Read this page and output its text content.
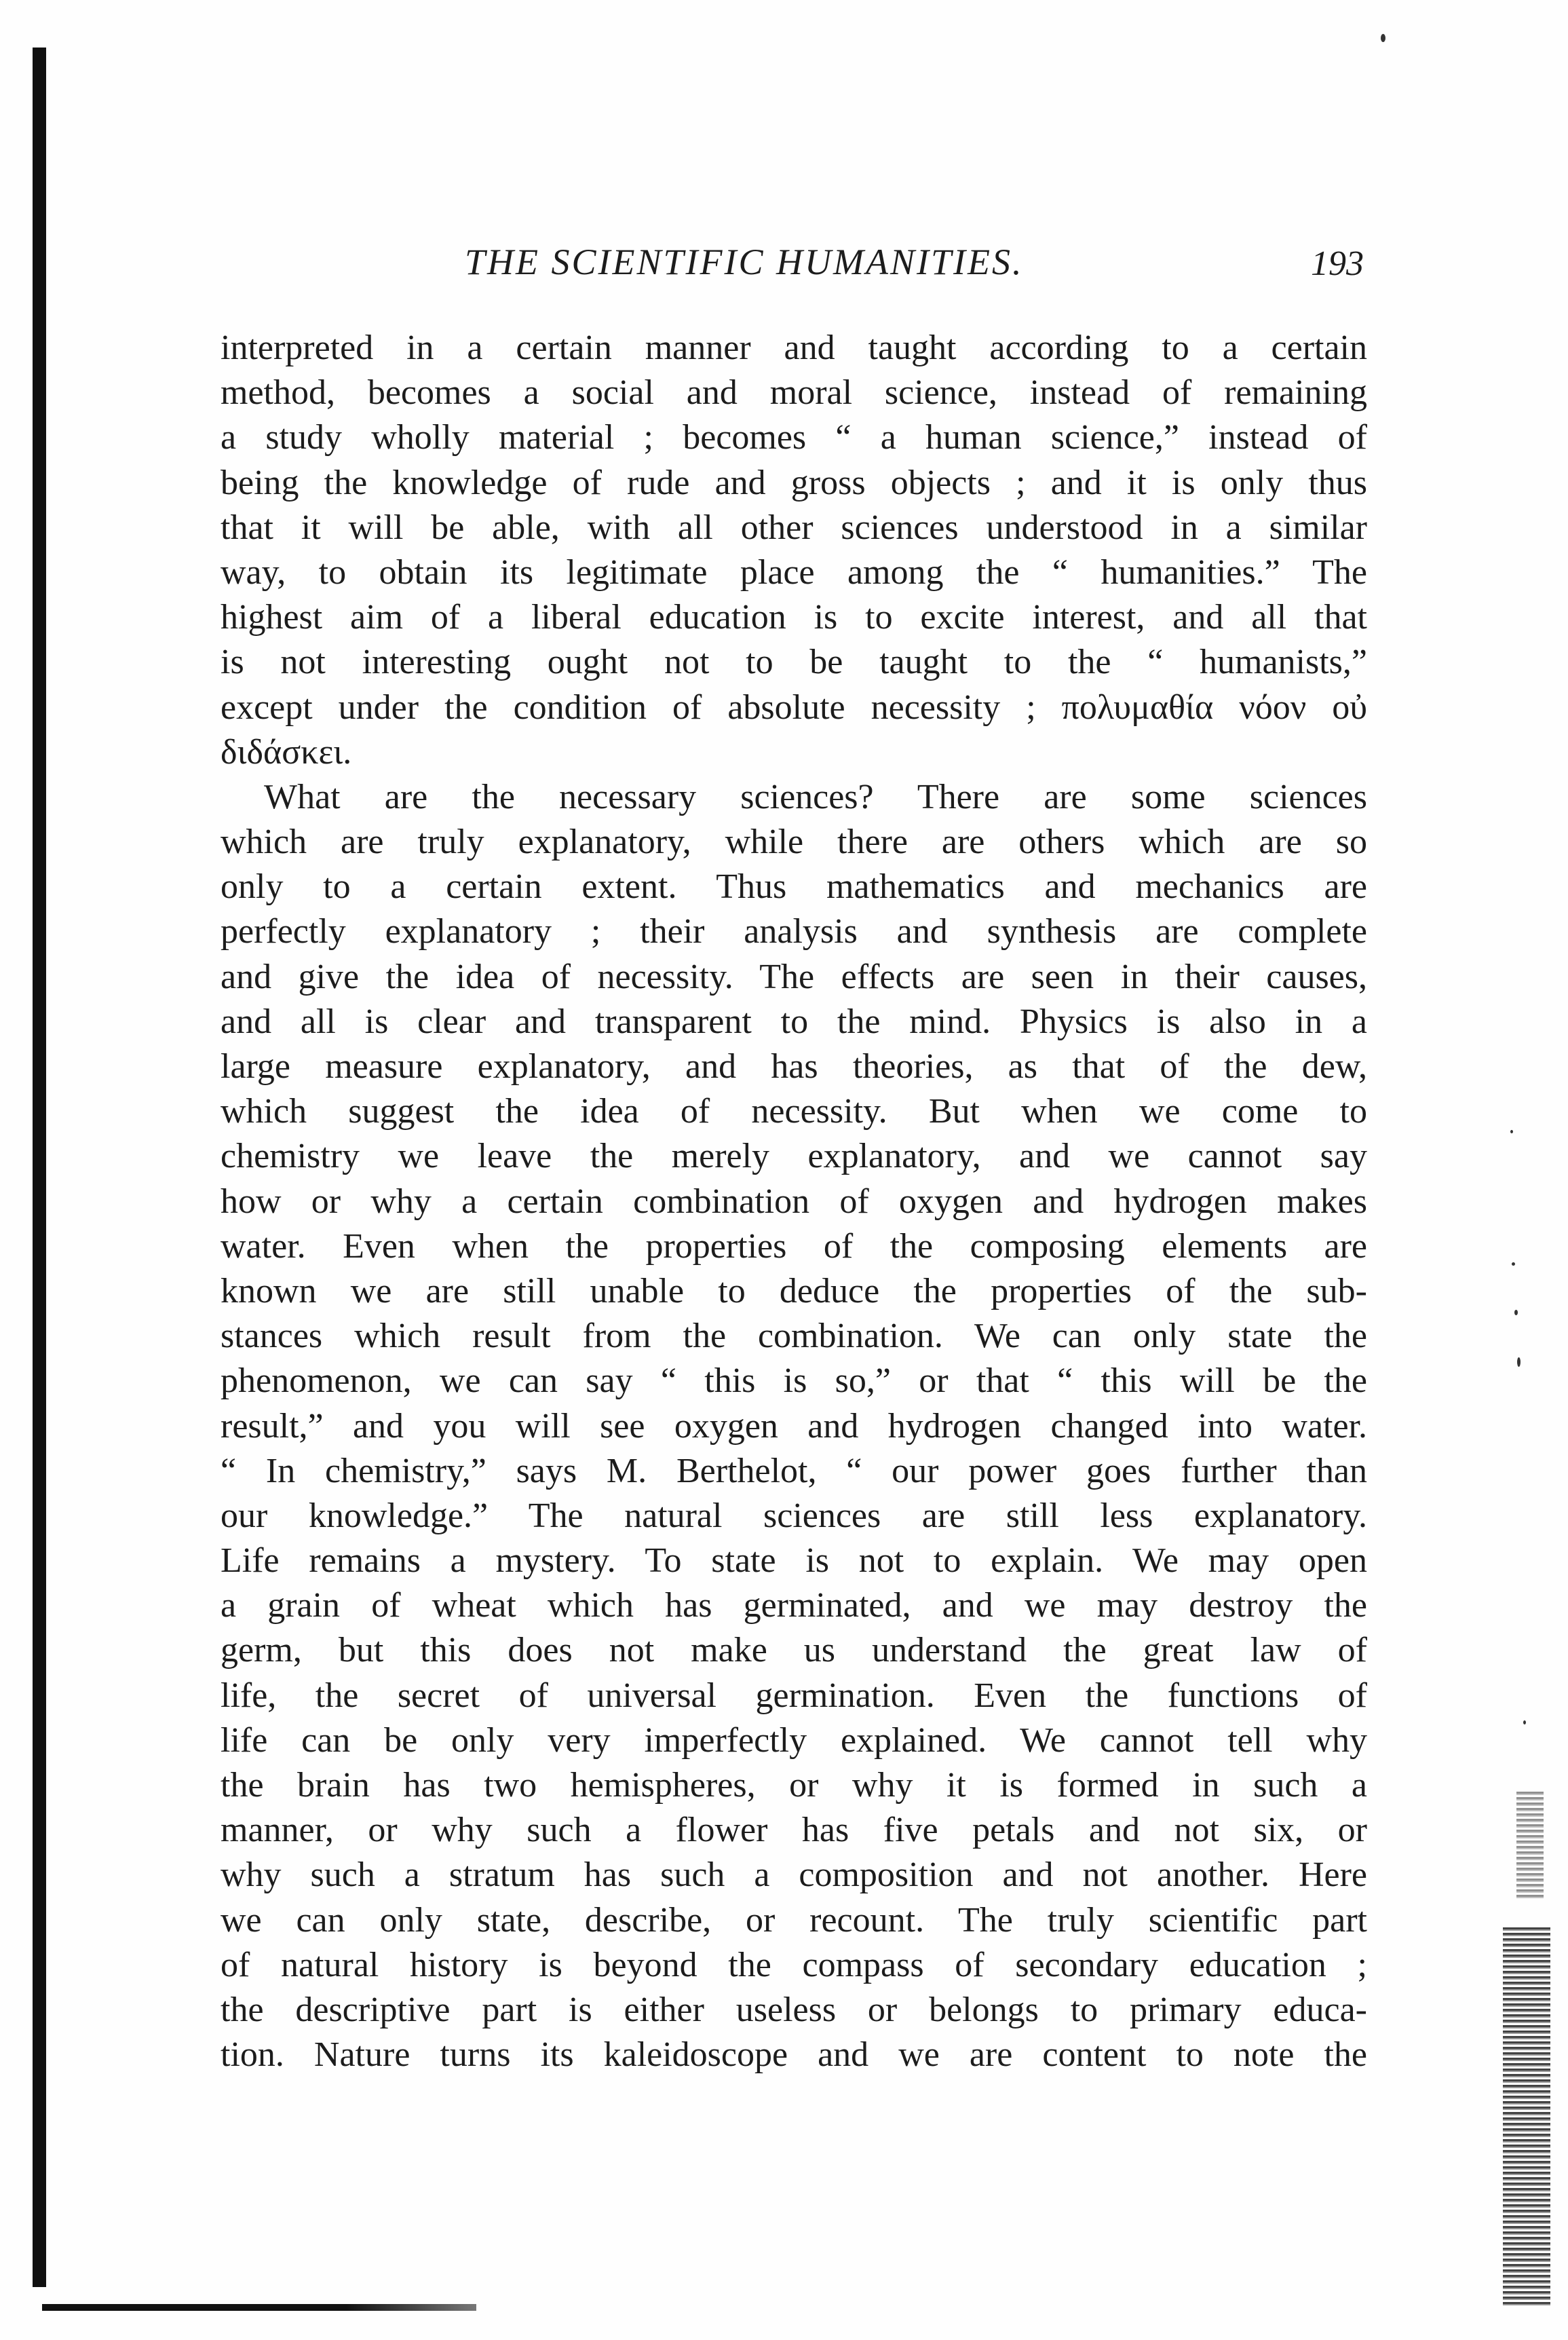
THE SCIENTIFIC HUMANITIES.	193
interpreted in a certain manner and taught according to a certain
method, becomes a social and moral science, instead of remaining
a study wholly material ; becomes “ a human science,” instead of
being the knowledge of rude and gross objects ; and it is only thus
that it will be able, with all other sciences understood in a similar
way, to obtain its legitimate place among the “ humanities.” The
highest aim of a liberal education is to excite interest, and all that
is not interesting ought not to be taught to the “ humanists,”
except under the condition of absolute necessity ; πολυμαθία νόον οὐ
διδάσκει.
What are the necessary sciences? There are some sciences
which are truly explanatory, while there are others which are so
only to a certain extent. Thus mathematics and mechanics are
perfectly explanatory ; their analysis and synthesis are complete
and give the idea of necessity. The effects are seen in their causes,
and all is clear and transparent to the mind. Physics is also in a
large measure explanatory, and has theories, as that of the dew,
which suggest the idea of necessity. But when we come to
chemistry we leave the merely explanatory, and we cannot say
how or why a certain combination of oxygen and hydrogen makes
water. Even when the properties of the composing elements are
known we are still unable to deduce the properties of the sub-
stances which result from the combination. We can only state the
phenomenon, we can say “ this is so,” or that “ this will be the
result,” and you will see oxygen and hydrogen changed into water.
“ In chemistry,” says M. Berthelot, “ our power goes further than
our knowledge.” The natural sciences are still less explanatory.
Life remains a mystery. To state is not to explain. We may open
a grain of wheat which has germinated, and we may destroy the
germ, but this does not make us understand the great law of
life, the secret of universal germination. Even the functions of
life can be only very imperfectly explained. We cannot tell why
the brain has two hemispheres, or why it is formed in such a
manner, or why such a flower has five petals and not six, or
why such a stratum has such a composition and not another. Here
we can only state, describe, or recount. The truly scientific part
of natural history is beyond the compass of secondary education ;
the descriptive part is either useless or belongs to primary educa-
tion. Nature turns its kaleidoscope and we are content to note the
